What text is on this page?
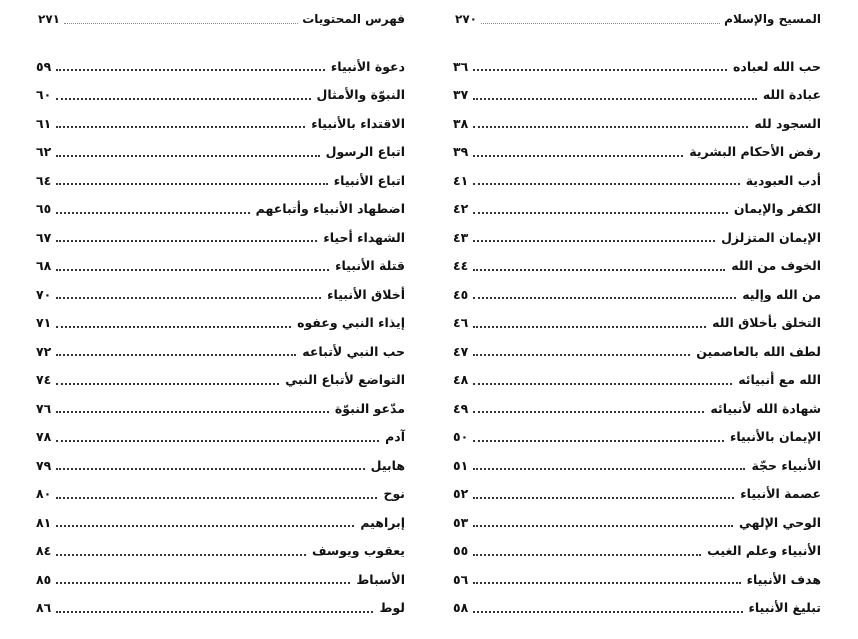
فهرس المحتويات
٢٧١
دعوة الأنبياء
٥٩
النبوّة والأمثال
٦٠
الاقتداء بالأنبياء
٦١
اتباع الرسول
٦٢
اتباع الأنبياء
٦٤
اضطهاد الأنبياء وأتباعهم
٦٥
الشهداء أحياء
٦٧
قتلة الأنبياء
٦٨
أخلاق الأنبياء
٧٠
إيذاء النبي وعفوه
٧١
حب النبي لأتباعه
٧٢
التواضع لأتباع النبي
٧٤
مدّعو النبوّة
٧٦
آدم
٧٨
هابيل
٧٩
نوح
٨٠
إبراهيم
٨١
يعقوب ويوسف
٨٤
الأسباط
٨٥
لوط
٨٦
المسيح والإسلام
٢٧٠
حب الله لعباده
٣٦
عبادة الله
٣٧
السجود لله
٣٨
رفض الأحكام البشرية
٣٩
أدب العبودية
٤١
الكفر والإيمان
٤٢
الإيمان المتزلزل
٤٣
الخوف من الله
٤٤
من الله وإليه
٤٥
التخلق بأخلاق الله
٤٦
لطف الله بالعاصمين
٤٧
الله مع أنبيائه
٤٨
شهادة الله لأنبيائه
٤٩
الإيمان بالأنبياء
٥٠
الأنبياء حجّة
٥١
عصمة الأنبياء
٥٢
الوحي الإلهي
٥٣
الأنبياء وعلم الغيب
٥٥
هدف الأنبياء
٥٦
تبليغ الأنبياء
٥٨
